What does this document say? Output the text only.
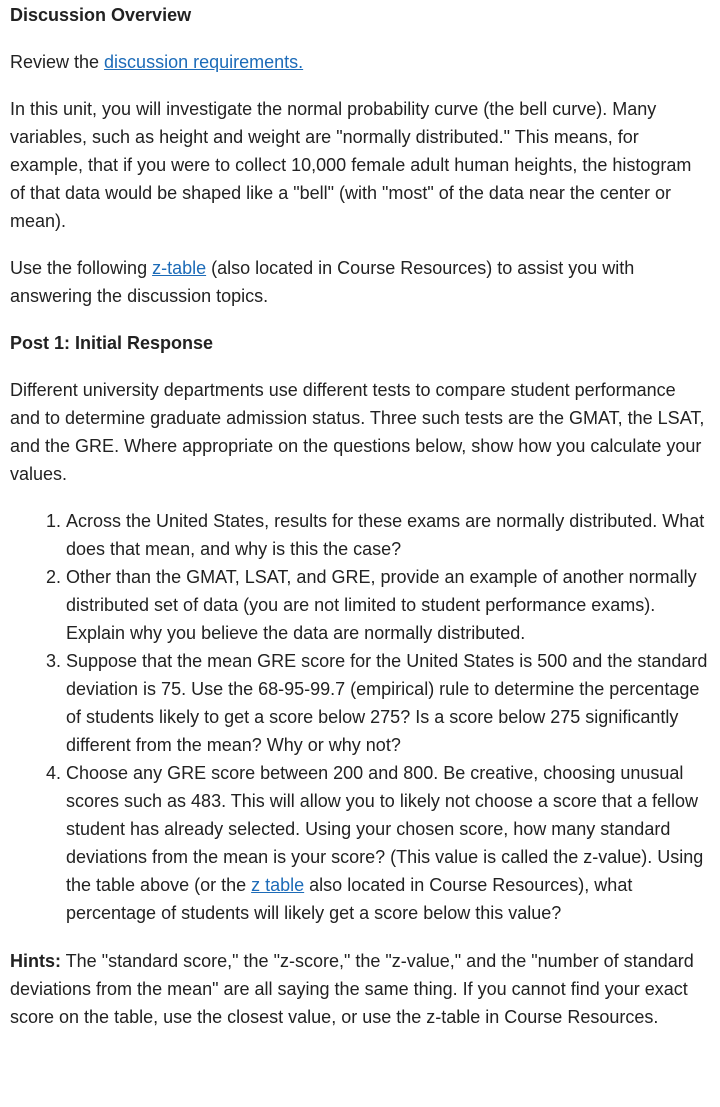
Discussion Overview

Review the discussion requirements.

In this unit, you will investigate the normal probability curve (the bell curve). Many variables, such as height and weight are "normally distributed." This means, for example, that if you were to collect 10,000 female adult human heights, the histogram of that data would be shaped like a "bell" (with "most" of the data near the center or mean).

Use the following z-table (also located in Course Resources) to assist you with answering the discussion topics.

Post 1: Initial Response

Different university departments use different tests to compare student performance and to determine graduate admission status. Three such tests are the GMAT, the LSAT, and the GRE. Where appropriate on the questions below, show how you calculate your values.

1. Across the United States, results for these exams are normally distributed. What does that mean, and why is this the case?
2. Other than the GMAT, LSAT, and GRE, provide an example of another normally distributed set of data (you are not limited to student performance exams). Explain why you believe the data are normally distributed.
3. Suppose that the mean GRE score for the United States is 500 and the standard deviation is 75. Use the 68-95-99.7 (empirical) rule to determine the percentage of students likely to get a score below 275? Is a score below 275 significantly different from the mean? Why or why not?
4. Choose any GRE score between 200 and 800. Be creative, choosing unusual scores such as 483. This will allow you to likely not choose a score that a fellow student has already selected. Using your chosen score, how many standard deviations from the mean is your score? (This value is called the z-value). Using the table above (or the z table also located in Course Resources), what percentage of students will likely get a score below this value?

Hints: The "standard score," the "z-score," the "z-value," and the "number of standard deviations from the mean" are all saying the same thing. If you cannot find your exact score on the table, use the closest value, or use the z-table in Course Resources.
